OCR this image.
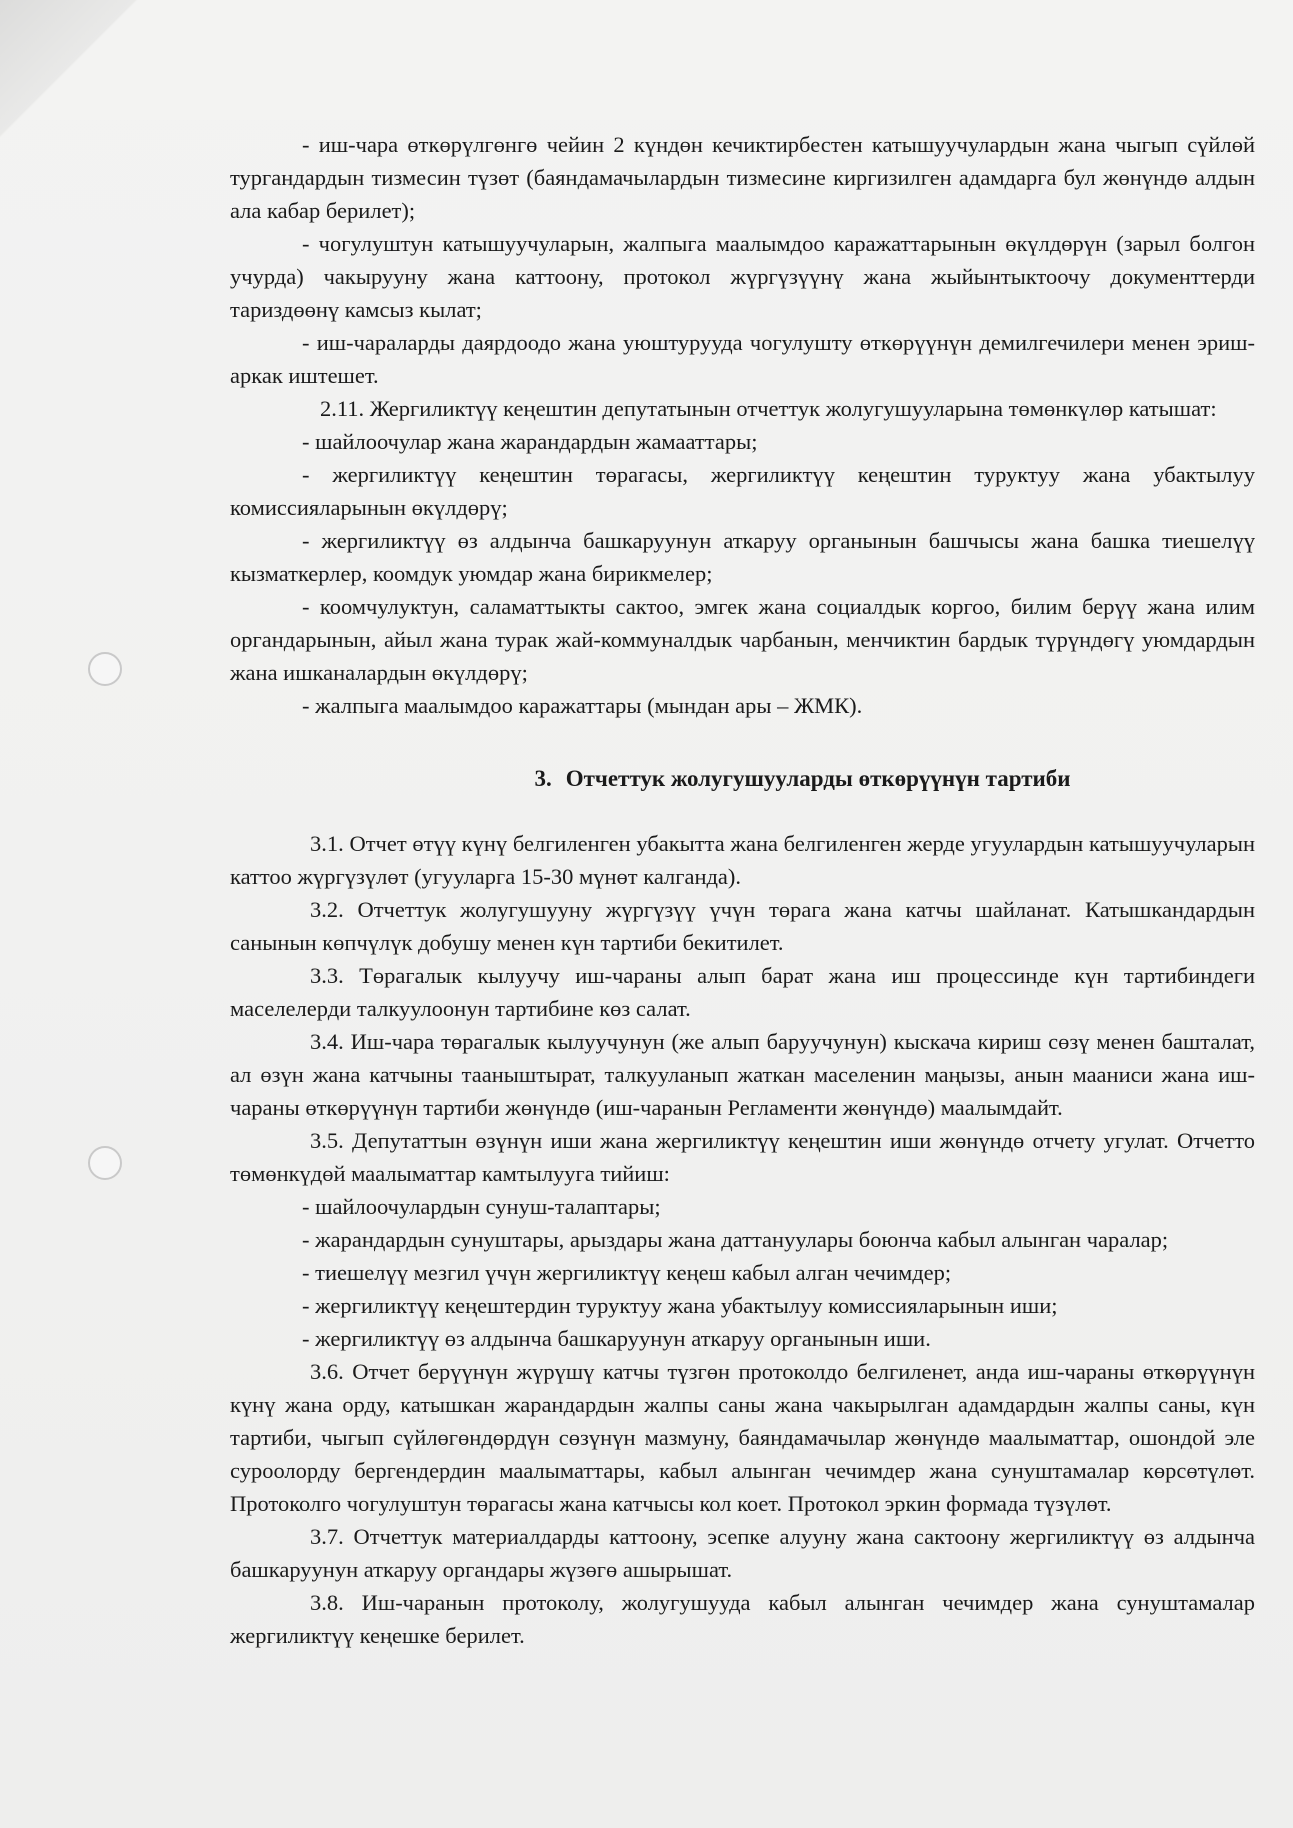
- иш-чара өткөрүлгөнгө чейин 2 күндөн кечиктирбестен катышуучулардын жана чыгып сүйлөй тургандардын тизмесин түзөт (баяндамачылардын тизмесине киргизилген адамдарга бул жөнүндө алдын ала кабар берилет);

- чогулуштун катышуучуларын, жалпыга маалымдоо каражаттарынын өкүлдөрүн (зарыл болгон учурда) чакырууну жана каттоону, протокол жүргүзүүнү жана жыйынтыктоочу документтерди тариздөөнү камсыз кылат;

- иш-чараларды даярдоодо жана уюштурууда чогулушту өткөрүүнүн демилгечилери менен эриш-аркак иштешет.

2.11. Жергиликтүү кеңештин депутатынын отчеттук жолугушууларына төмөнкүлөр катышат:

- шайлоочулар жана жарандардын жамааттары;

- жергиликтүү кеңештин төрагасы, жергиликтүү кеңештин туруктуу жана убактылуу комиссияларынын өкүлдөрү;

- жергиликтүү өз алдынча башкаруунун аткаруу органынын башчысы жана башка тиешелүү кызматкерлер, коомдук уюмдар жана бирикмелер;

- коомчулуктун, саламаттыкты сактоо, эмгек жана социалдык коргоо, билим берүү жана илим органдарынын, айыл жана турак жай-коммуналдык чарбанын, менчиктин бардык түрүндөгү уюмдардын жана ишканалардын өкүлдөрү;

- жалпыга маалымдоо каражаттары (мындан ары – ЖМК).

3. Отчеттук жолугушууларды өткөрүүнүн тартиби

3.1. Отчет өтүү күнү белгиленген убакытта жана белгиленген жерде угуулардын катышуучуларын каттоо жүргүзүлөт (угууларга 15-30 мүнөт калганда).

3.2. Отчеттук жолугушууну жүргүзүү үчүн төрага жана катчы шайланат. Катышкандардын санынын көпчүлүк добушу менен күн тартиби бекитилет.

3.3. Төрагалык кылуучу иш-чараны алып барат жана иш процессинде күн тартибиндеги маселелерди талкуулоонун тартибине көз салат.

3.4. Иш-чара төрагалык кылуучунун (же алып баруучунун) кыскача кириш сөзү менен башталат, ал өзүн жана катчыны тааныштырат, талкууланып жаткан маселенин маңызы, анын мааниси жана иш-чараны өткөрүүнүн тартиби жөнүндө (иш-чаранын Регламенти жөнүндө) маалымдайт.

3.5. Депутаттын өзүнүн иши жана жергиликтүү кеңештин иши жөнүндө отчету угулат. Отчетто төмөнкүдөй маалыматтар камтылууга тийиш:

- шайлоочулардын сунуш-талаптары;

- жарандардын сунуштары, арыздары жана даттануулары боюнча кабыл алынган чаралар;

- тиешелүү мезгил үчүн жергиликтүү кеңеш кабыл алган чечимдер;

- жергиликтүү кеңештердин туруктуу жана убактылуу комиссияларынын иши;

- жергиликтүү өз алдынча башкаруунун аткаруу органынын иши.

3.6. Отчет берүүнүн жүрүшү катчы түзгөн протоколдо белгиленет, анда иш-чараны өткөрүүнүн күнү жана орду, катышкан жарандардын жалпы саны жана чакырылган адамдардын жалпы саны, күн тартиби, чыгып сүйлөгөндөрдүн сөзүнүн мазмуну, баяндамачылар жөнүндө маалыматтар, ошондой эле суроолорду бергендердин маалыматтары, кабыл алынган чечимдер жана сунуштамалар көрсөтүлөт. Протоколго чогулуштун төрагасы жана катчысы кол коет. Протокол эркин формада түзүлөт.

3.7. Отчеттук материалдарды каттоону, эсепке алууну жана сактоону жергиликтүү өз алдынча башкаруунун аткаруу органдары жүзөгө ашырышат.

3.8. Иш-чаранын протоколу, жолугушууда кабыл алынган чечимдер жана сунуштамалар жергиликтүү кеңешке берилет.
